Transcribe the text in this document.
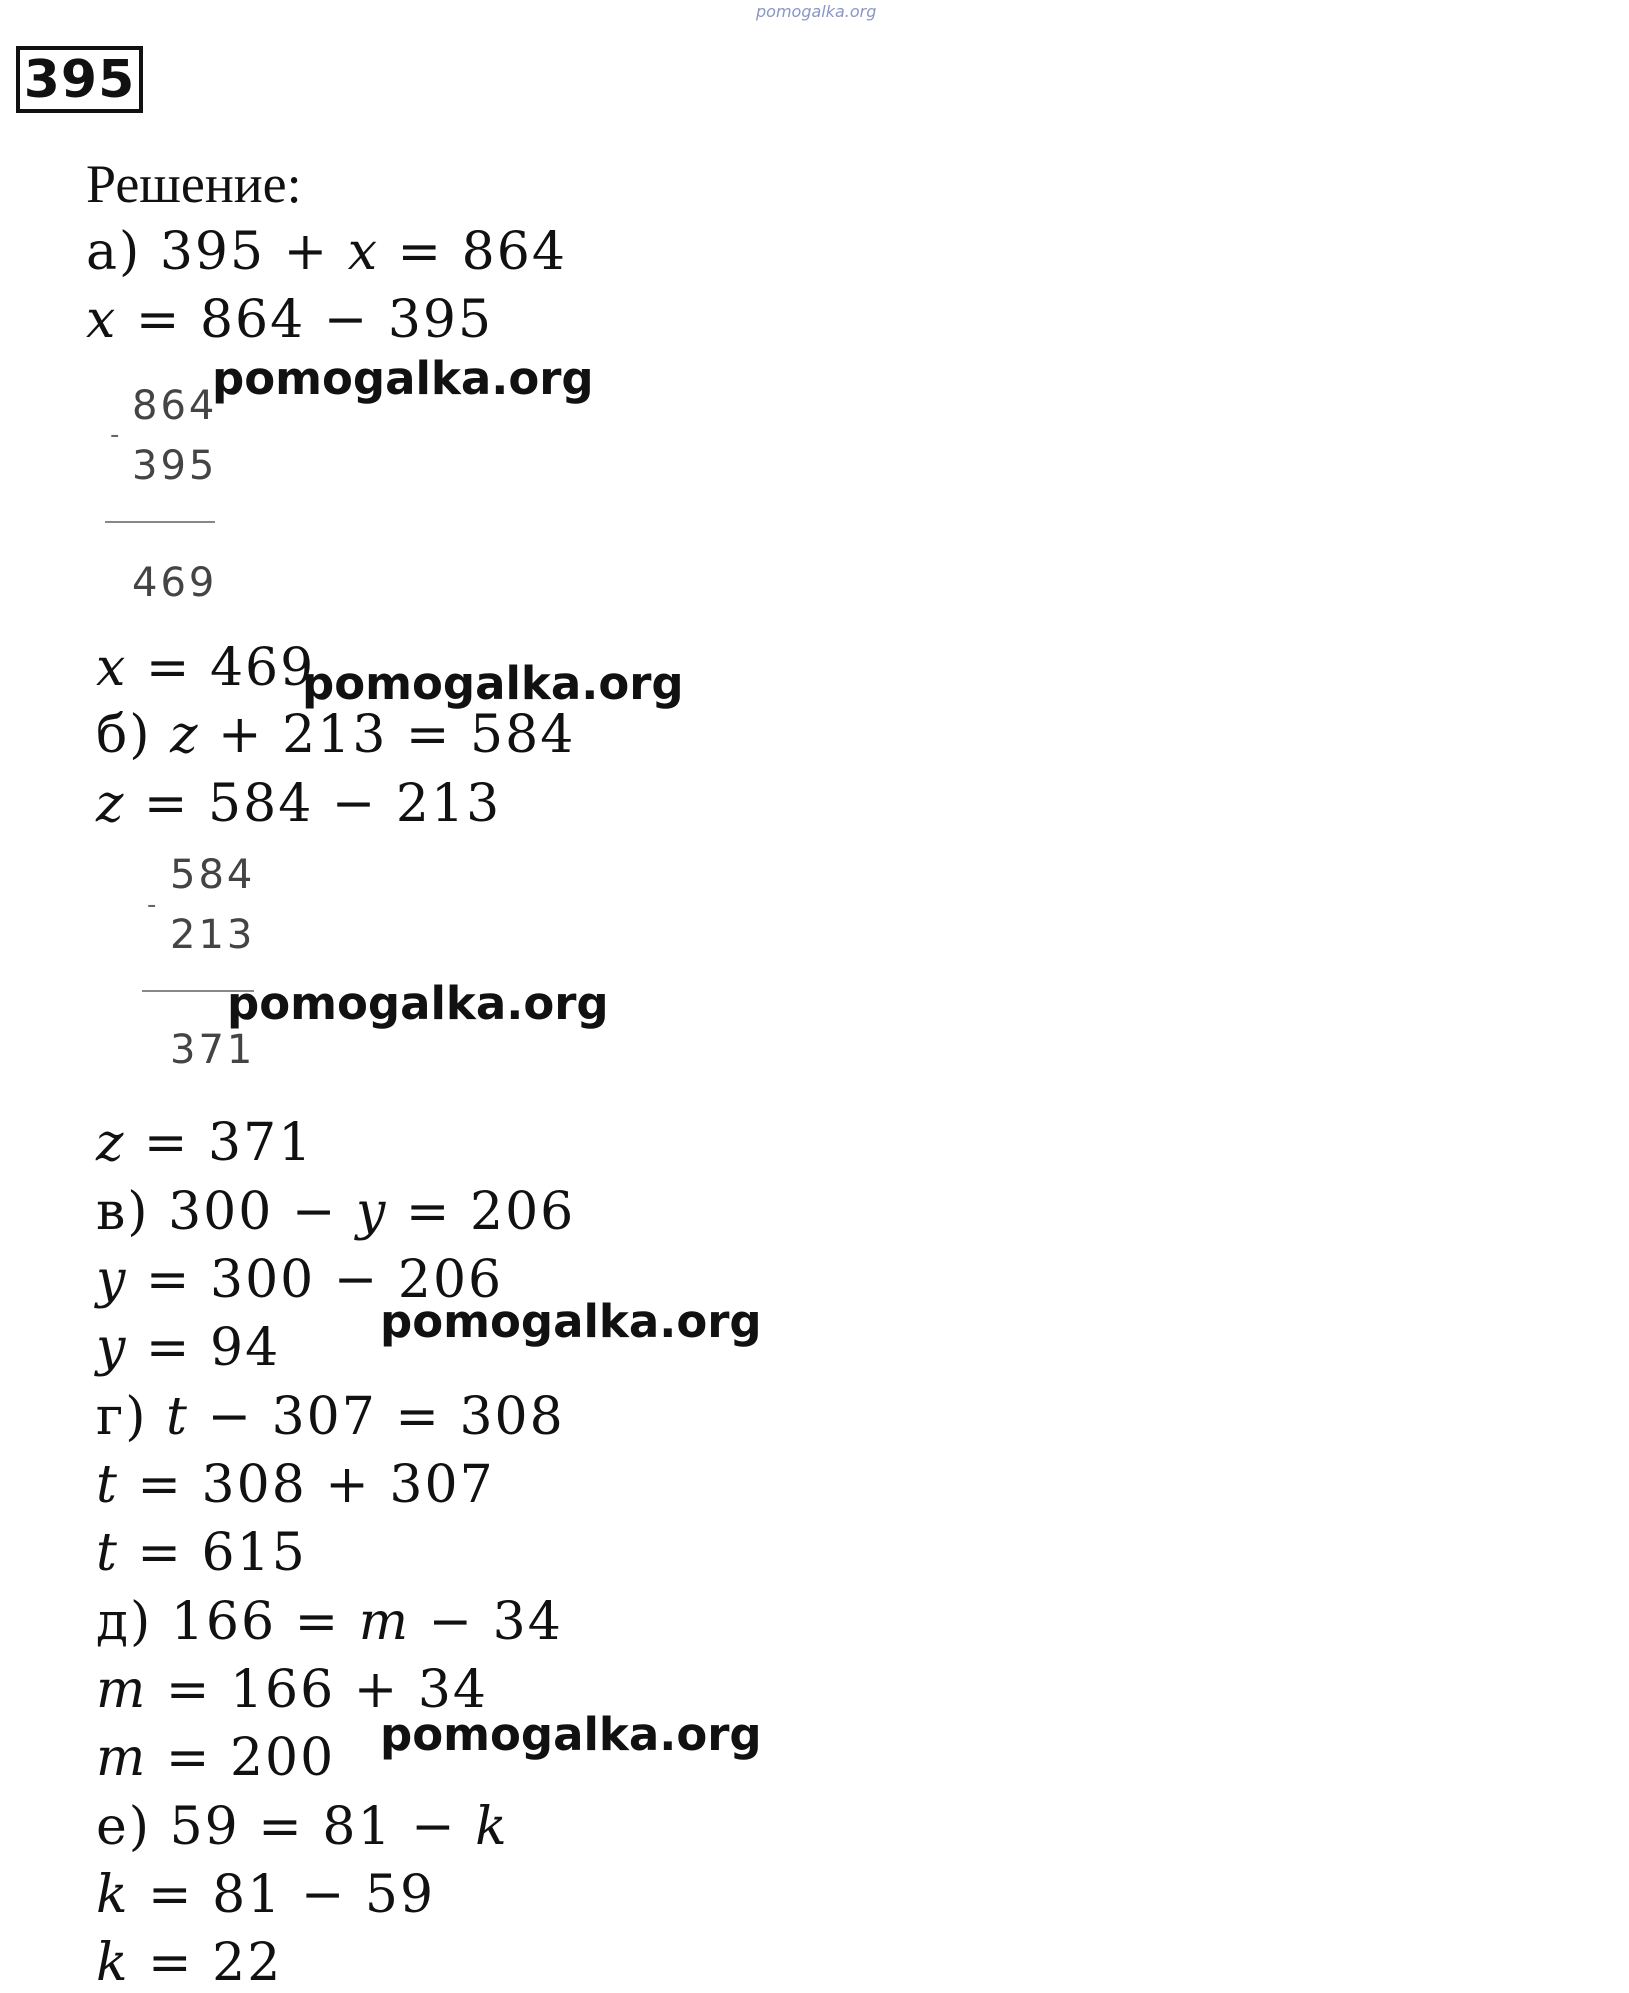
pomogalka.org
395
Решение:
а) 395 + 𝑥 = 864
𝑥 = 864 − 395
pomogalka.org
864
-
395
469
𝑥 = 469
pomogalka.org
б) 𝑧 + 213 = 584
𝑧 = 584 − 213
584
-
213
pomogalka.org
371
𝑧 = 371
в) 300 − 𝑦 = 206
𝑦 = 300 − 206
pomogalka.org
𝑦 = 94
г) 𝑡 − 307 = 308
𝑡 = 308 + 307
𝑡 = 615
д) 166 = 𝑚 − 34
𝑚 = 166 + 34
pomogalka.org
𝑚 = 200
е) 59 = 81 − 𝑘
𝑘 = 81 − 59
𝑘 = 22
